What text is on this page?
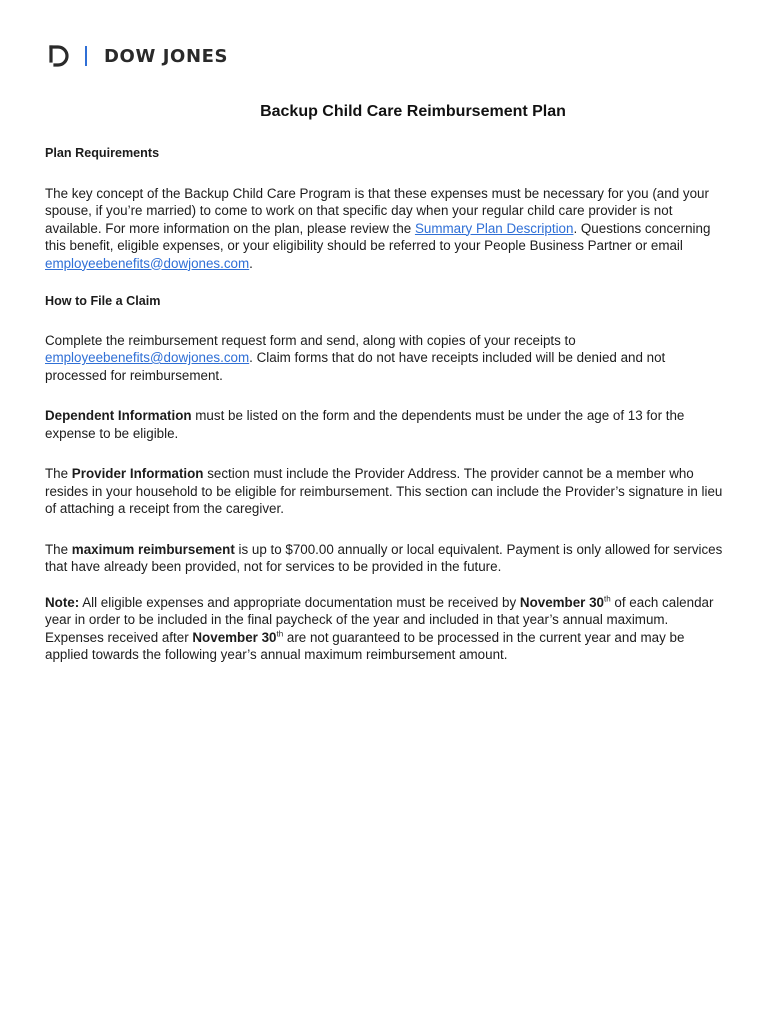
DOW JONES
Backup Child Care Reimbursement Plan

Plan Requirements

The key concept of the Backup Child Care Program is that these expenses must be necessary for you (and your spouse, if you’re married) to come to work on that specific day when your regular child care provider is not available. For more information on the plan, please review the Summary Plan Description. Questions concerning this benefit, eligible expenses, or your eligibility should be referred to your People Business Partner or email employeebenefits@dowjones.com.

How to File a Claim

Complete the reimbursement request form and send, along with copies of your receipts to employeebenefits@dowjones.com. Claim forms that do not have receipts included will be denied and not processed for reimbursement.

Dependent Information must be listed on the form and the dependents must be under the age of 13 for the expense to be eligible.

The Provider Information section must include the Provider Address. The provider cannot be a member who resides in your household to be eligible for reimbursement. This section can include the Provider’s signature in lieu of attaching a receipt from the caregiver.

The maximum reimbursement is up to $700.00 annually or local equivalent. Payment is only allowed for services that have already been provided, not for services to be provided in the future.

Note: All eligible expenses and appropriate documentation must be received by November 30th of each calendar year in order to be included in the final paycheck of the year and included in that year’s annual maximum. Expenses received after November 30th are not guaranteed to be processed in the current year and may be applied towards the following year’s annual maximum reimbursement amount.
